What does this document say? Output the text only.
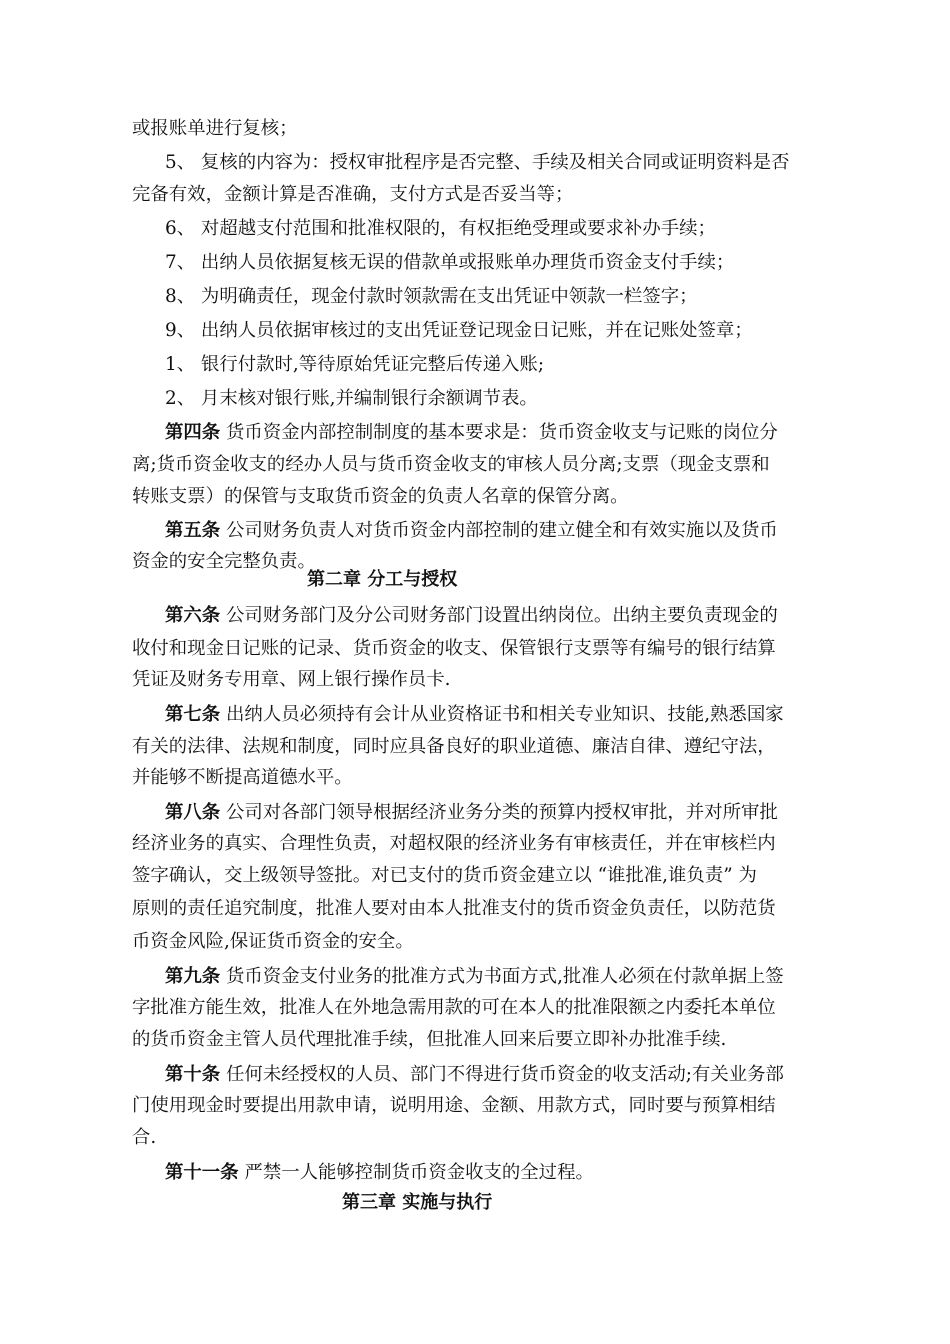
或报账单进行复核；
5、 复核的内容为：授权审批程序是否完整、手续及相关合同或证明资料是否
完备有效，金额计算是否准确，支付方式是否妥当等；
6、 对超越支付范围和批准权限的，有权拒绝受理或要求补办手续；
7、 出纳人员依据复核无误的借款单或报账单办理货币资金支付手续；
8、 为明确责任，现金付款时领款需在支出凭证中领款一栏签字；
9、 出纳人员依据审核过的支出凭证登记现金日记账，并在记账处签章；
1、 银行付款时,等待原始凭证完整后传递入账;
2、 月末核对银行账,并编制银行余额调节表。
第四条 货币资金内部控制制度的基本要求是：货币资金收支与记账的岗位分
离;货币资金收支的经办人员与货币资金收支的审核人员分离;支票（现金支票和
转账支票）的保管与支取货币资金的负责人名章的保管分离。
第五条 公司财务负责人对货币资金内部控制的建立健全和有效实施以及货币
资金的安全完整负责。
第二章 分工与授权
第六条 公司财务部门及分公司财务部门设置出纳岗位。出纳主要负责现金的
收付和现金日记账的记录、货币资金的收支、保管银行支票等有编号的银行结算
凭证及财务专用章、网上银行操作员卡.
第七条 出纳人员必须持有会计从业资格证书和相关专业知识、技能,熟悉国家
有关的法律、法规和制度，同时应具备良好的职业道德、廉洁自律、遵纪守法，
并能够不断提高道德水平。
第八条 公司对各部门领导根据经济业务分类的预算内授权审批，并对所审批
经济业务的真实、合理性负责，对超权限的经济业务有审核责任，并在审核栏内
签字确认，交上级领导签批。对已支付的货币资金建立以 “谁批准,谁负责” 为
原则的责任追究制度，批准人要对由本人批准支付的货币资金负责任，以防范货
币资金风险,保证货币资金的安全。
第九条 货币资金支付业务的批准方式为书面方式,批准人必须在付款单据上签
字批准方能生效，批准人在外地急需用款的可在本人的批准限额之内委托本单位
的货币资金主管人员代理批准手续，但批准人回来后要立即补办批准手续.
第十条 任何未经授权的人员、部门不得进行货币资金的收支活动;有关业务部
门使用现金时要提出用款申请，说明用途、金额、用款方式，同时要与预算相结
合.
第十一条 严禁一人能够控制货币资金收支的全过程。
第三章 实施与执行
